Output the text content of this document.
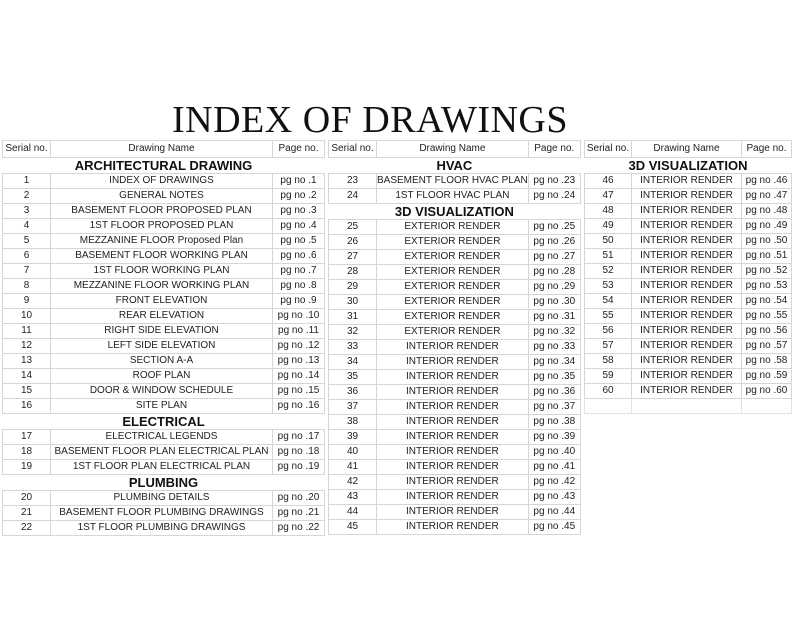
INDEX OF DRAWINGS
Serial no.	Drawing Name	Page no.
ARCHITECTURAL DRAWING		
1	INDEX OF DRAWINGS	pg no .1
2	GENERAL NOTES	pg no .2
3	BASEMENT FLOOR PROPOSED PLAN	pg no .3
4	1ST FLOOR PROPOSED PLAN	pg no .4
5	MEZZANINE FLOOR Proposed Plan	pg no .5
6	BASEMENT FLOOR WORKING PLAN	pg no .6
7	1ST FLOOR WORKING PLAN	pg no .7
8	MEZZANINE FLOOR WORKING PLAN	pg no .8
9	FRONT ELEVATION	pg no .9
10	REAR ELEVATION	pg no .10
11	RIGHT SIDE ELEVATION	pg no .11
12	LEFT SIDE ELEVATION	pg no .12
13	SECTION A-A	pg no .13
14	ROOF PLAN	pg no .14
15	DOOR & WINDOW SCHEDULE	pg no .15
16	SITE PLAN	pg no .16
ELECTRICAL		
17	ELECTRICAL LEGENDS	pg no .17
18	BASEMENT FLOOR PLAN ELECTRICAL PLAN	pg no .18
19	1ST FLOOR PLAN ELECTRICAL PLAN	pg no .19
PLUMBING		
20	PLUMBING DETAILS	pg no .20
21	BASEMENT FLOOR PLUMBING DRAWINGS	pg no .21
22	1ST FLOOR PLUMBING DRAWINGS	pg no .22
Serial no.	Drawing Name	Page no.
HVAC		
23	BASEMENT FLOOR HVAC PLAN	pg no .23
24	1ST FLOOR HVAC PLAN	pg no .24
3D VISUALIZATION		
25	EXTERIOR RENDER	pg no .25
26	EXTERIOR RENDER	pg no .26
27	EXTERIOR RENDER	pg no .27
28	EXTERIOR RENDER	pg no .28
29	EXTERIOR RENDER	pg no .29
30	EXTERIOR RENDER	pg no .30
31	EXTERIOR RENDER	pg no .31
32	EXTERIOR RENDER	pg no .32
33	INTERIOR RENDER	pg no .33
34	INTERIOR RENDER	pg no .34
35	INTERIOR RENDER	pg no .35
36	INTERIOR RENDER	pg no .36
37	INTERIOR RENDER	pg no .37
38	INTERIOR RENDER	pg no .38
39	INTERIOR RENDER	pg no .39
40	INTERIOR RENDER	pg no .40
41	INTERIOR RENDER	pg no .41
42	INTERIOR RENDER	pg no .42
43	INTERIOR RENDER	pg no .43
44	INTERIOR RENDER	pg no .44
45	INTERIOR RENDER	pg no .45
Serial no.	Drawing Name	Page no.
3D VISUALIZATION		
46	INTERIOR RENDER	pg no .46
47	INTERIOR RENDER	pg no .47
48	INTERIOR RENDER	pg no .48
49	INTERIOR RENDER	pg no .49
50	INTERIOR RENDER	pg no .50
51	INTERIOR RENDER	pg no .51
52	INTERIOR RENDER	pg no .52
53	INTERIOR RENDER	pg no .53
54	INTERIOR RENDER	pg no .54
55	INTERIOR RENDER	pg no .55
56	INTERIOR RENDER	pg no .56
57	INTERIOR RENDER	pg no .57
58	INTERIOR RENDER	pg no .58
59	INTERIOR RENDER	pg no .59
60	INTERIOR RENDER	pg no .60
